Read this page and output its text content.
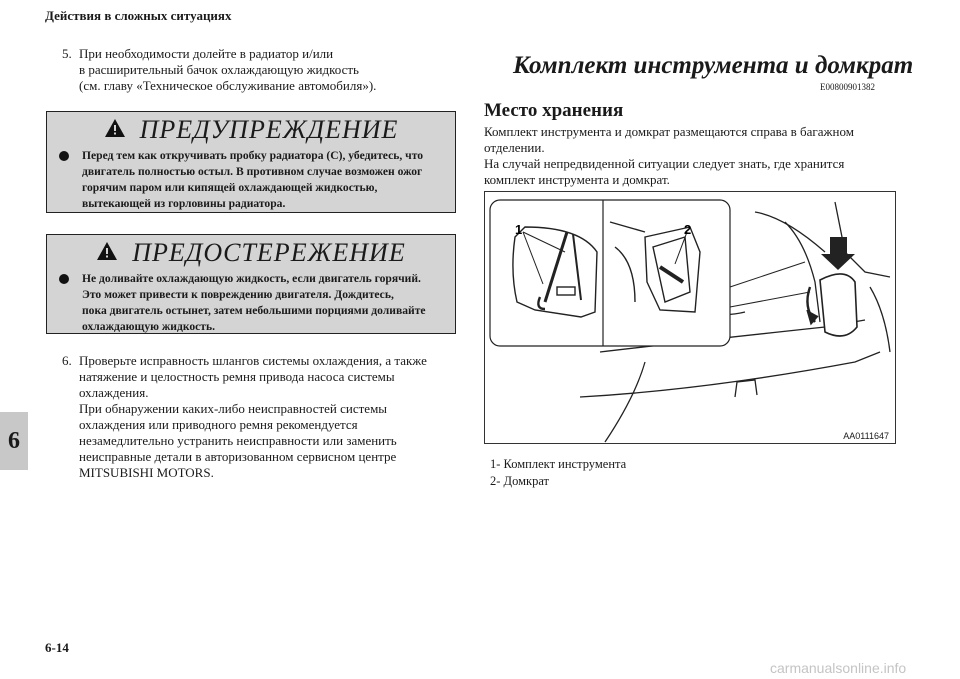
Действия в сложных ситуациях
6
6-14
carmanualsonline.info
5. При необходимости долейте в радиатор и/или
в расширительный бачок охлаждающую жидкость
(см. главу «Техническое обслуживание автомобиля»).
ПРЕДУПРЕЖДЕНИЕ
Перед тем как откручивать пробку радиатора (C), убедитесь, что
двигатель полностью остыл. В противном случае возможен ожог
горячим паром или кипящей охлаждающей жидкостью,
вытекающей из горловины радиатора.
ПРЕДОСТЕРЕЖЕНИЕ
Не доливайте охлаждающую жидкость, если двигатель горячий.
Это может привести к повреждению двигателя. Дождитесь,
пока двигатель остынет, затем небольшими порциями доливайте
охлаждающую жидкость.
6. Проверьте исправность шлангов системы охлаждения, а также
натяжение и целостность ремня привода насоса системы
охлаждения.
При обнаружении каких-либо неисправностей системы
охлаждения или приводного ремня рекомендуется
незамедлительно устранить неисправности или заменить
неисправные детали в авторизованном сервисном центре
MITSUBISHI MOTORS.
Комплект инструмента и домкрат
E00800901382
Место хранения
Комплект инструмента и домкрат размещаются справа в багажном
отделении.
На случай непредвиденной ситуации следует знать, где хранится
комплект инструмента и домкрат.
1	2
AA0111647
1- Комплект инструмента
2- Домкрат
